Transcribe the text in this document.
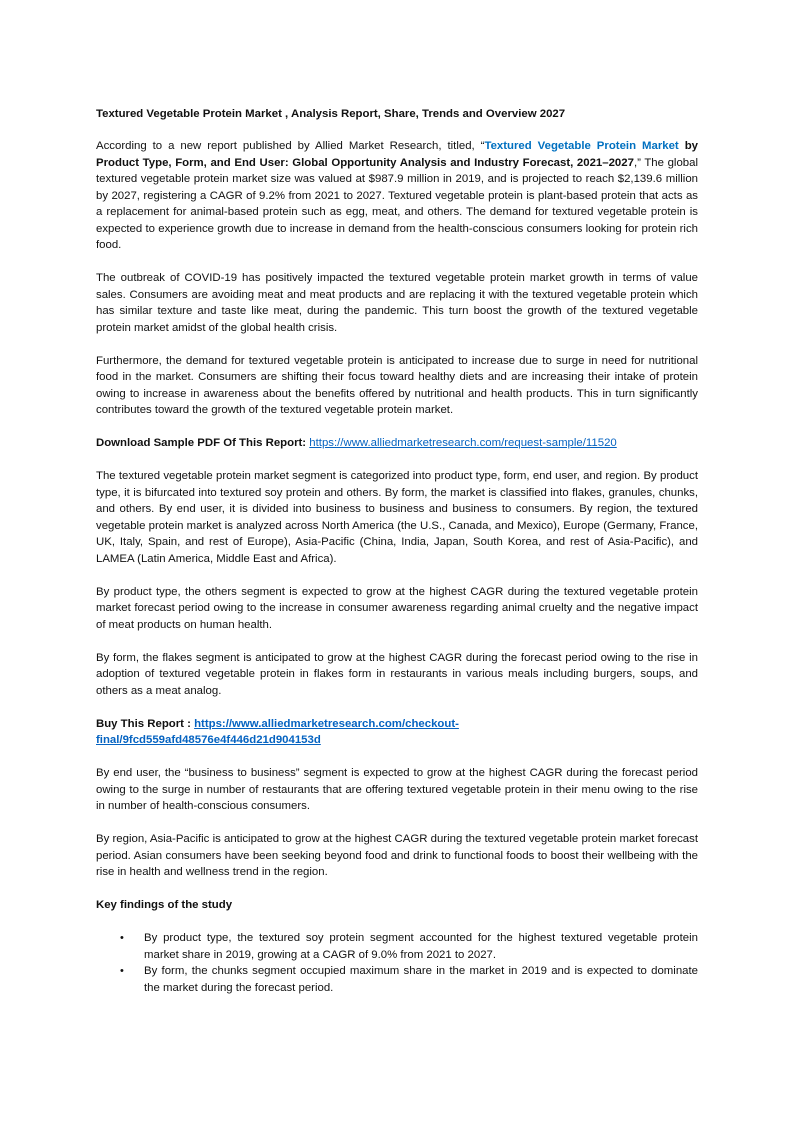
Textured Vegetable Protein Market , Analysis Report, Share, Trends and Overview 2027

According to a new report published by Allied Market Research, titled, “Textured Vegetable Protein Market by Product Type, Form, and End User: Global Opportunity Analysis and Industry Forecast, 2021–2027,” The global textured vegetable protein market size was valued at $987.9 million in 2019, and is projected to reach $2,139.6 million by 2027, registering a CAGR of 9.2% from 2021 to 2027. Textured vegetable protein is plant-based protein that acts as a replacement for animal-based protein such as egg, meat, and others. The demand for textured vegetable protein is expected to experience growth due to increase in demand from the health-conscious consumers looking for protein rich food.

The outbreak of COVID-19 has positively impacted the textured vegetable protein market growth in terms of value sales. Consumers are avoiding meat and meat products and are replacing it with the textured vegetable protein which has similar texture and taste like meat, during the pandemic. This turn boost the growth of the textured vegetable protein market amidst of the global health crisis.

Furthermore, the demand for textured vegetable protein is anticipated to increase due to surge in need for nutritional food in the market. Consumers are shifting their focus toward healthy diets and are increasing their intake of protein owing to increase in awareness about the benefits offered by nutritional and health products. This in turn significantly contributes toward the growth of the textured vegetable protein market.

Download Sample PDF Of This Report: https://www.alliedmarketresearch.com/request-sample/11520

The textured vegetable protein market segment is categorized into product type, form, end user, and region. By product type, it is bifurcated into textured soy protein and others. By form, the market is classified into flakes, granules, chunks, and others. By end user, it is divided into business to business and business to consumers. By region, the textured vegetable protein market is analyzed across North America (the U.S., Canada, and Mexico), Europe (Germany, France, UK, Italy, Spain, and rest of Europe), Asia-Pacific (China, India, Japan, South Korea, and rest of Asia-Pacific), and LAMEA (Latin America, Middle East and Africa).

By product type, the others segment is expected to grow at the highest CAGR during the textured vegetable protein market forecast period owing to the increase in consumer awareness regarding animal cruelty and the negative impact of meat products on human health.

By form, the flakes segment is anticipated to grow at the highest CAGR during the forecast period owing to the rise in adoption of textured vegetable protein in flakes form in restaurants in various meals including burgers, soups, and others as a meat analog.

Buy This Report : https://www.alliedmarketresearch.com/checkout-
final/9fcd559afd48576e4f446d21d904153d

By end user, the “business to business” segment is expected to grow at the highest CAGR during the forecast period owing to the surge in number of restaurants that are offering textured vegetable protein in their menu owing to the rise in number of health-conscious consumers.

By region, Asia-Pacific is anticipated to grow at the highest CAGR during the textured vegetable protein market forecast period. Asian consumers have been seeking beyond food and drink to functional foods to boost their wellbeing with the rise in health and wellness trend in the region.

Key findings of the study
• By product type, the textured soy protein segment accounted for the highest textured vegetable protein market share in 2019, growing at a CAGR of 9.0% from 2021 to 2027.
• By form, the chunks segment occupied maximum share in the market in 2019 and is expected to dominate the market during the forecast period.
